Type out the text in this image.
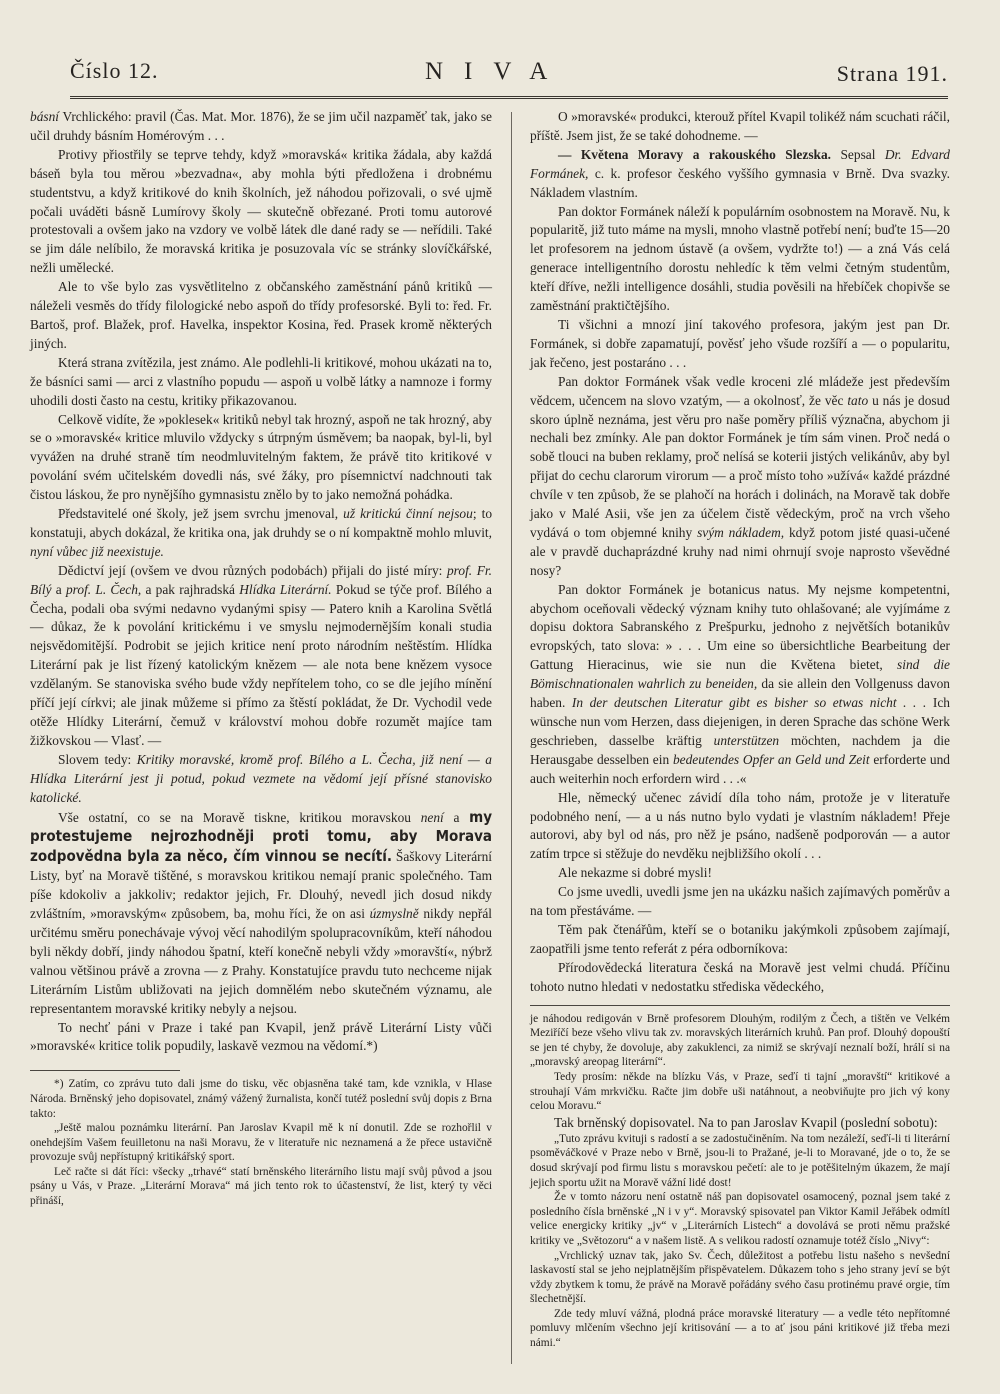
Číslo 12.	NIVA	Strana 191.

básní Vrchlického: pravil (Čas. Mat. Mor. 1876), že se jim učil nazpaměť tak, jako se učil druhdy básním Homérovým . . .

Protivy přiostřily se teprve tehdy, když »moravská« kritika žádala, aby každá báseň byla tou měrou »bezvadna«, aby mohla býti předložena i drobnému studentstvu, a když kritikové do knih školních, jež náhodou pořizovali, o své ujmě počali uváděti básně Lumírovy školy — skutečně obřezané. Proti tomu autorové protestovali a ovšem jako na vzdory ve volbě látek dle dané rady se — neřídili. Také se jim dále nelíbilo, že moravská kritika je posuzovala víc se stránky slovíčkářské, nežli umělecké.

Ale to vše bylo zas vysvětlitelno z občanského zaměstnání pánů kritiků — náleželi vesměs do třídy filologické nebo aspoň do třídy profesorské. Byli to: řed. Fr. Bartoš, prof. Blažek, prof. Havelka, inspektor Kosina, řed. Prasek kromě některých jiných.

Která strana zvítězila, jest známo. Ale podlehli-li kritikové, mohou ukázati na to, že básníci sami — arci z vlastního popudu — aspoň u volbě látky a namnoze i formy uhodili dosti často na cestu, kritiky přikazovanou.

Celkově vidíte, že »poklesek« kritiků nebyl tak hrozný, aspoň ne tak hrozný, aby se o »moravské« kritice mluvilo vždycky s útrpným úsměvem; ba naopak, byl-li, byl vyvážen na druhé straně tím neodmluvitelným faktem, že právě tito kritikové v povolání svém učitelském dovedli nás, své žáky, pro písemnictví nadchnouti tak čistou láskou, že pro nynějšího gymnasistu znělo by to jako nemožná pohádka.

Představitelé oné školy, jež jsem svrchu jmenoval, už kritickú činní nejsou; to konstatuji, abych dokázal, že kritika ona, jak druhdy se o ní kompaktně mohlo mluvit, nyní vůbec již neexistuje.

Dědictví její (ovšem ve dvou různých podobách) přijali do jisté míry: prof. Fr. Bílý a prof. L. Čech, a pak rajhradská Hlídka Literární. Pokud se týče prof. Bílého a Čecha, podali oba svými nedavno vydanými spisy — Patero knih a Karolina Světlá — důkaz, že k povolání kritickému i ve smyslu nejmodernějším konali studia nejsvědomitější. Podrobit se jejich kritice není proto národním neštěstím. Hlídka Literární pak je list řízený katolickým knězem — ale nota bene knězem vysoce vzdělaným. Se stanoviska svého bude vždy nepřítelem toho, co se dle jejího mínění příčí její církvi; ale jinak můžeme si přímo za štěstí pokládat, že Dr. Vychodil vede otěže Hlídky Literární, čemuž v království mohou dobře rozumět majíce tam žižkovskou — Vlasť. —

Slovem tedy: Kritiky moravské, kromě prof. Bílého a L. Čecha, již není — a Hlídka Literární jest ji potud, pokud vezmete na vědomí její přísné stanovisko katolické.

Vše ostatní, co se na Moravě tiskne, kritikou moravskou není a my protestujeme nejrozhodněji proti tomu, aby Morava zodpovědna byla za něco, čím vinnou se necítí. Šaškovy Literární Listy, byť na Moravě tištěné, s moravskou kritikou nemají pranic společného. Tam píše kdokoliv a jakkoliv; redaktor jejich, Fr. Dlouhý, nevedl jich dosud nikdy zvláštním, »moravským« způsobem, ba, mohu říci, že on asi úzmyslně nikdy nepřál určitému směru ponechávaje vývoj věcí nahodilým spolupracovníkům, kteří náhodou byli někdy dobří, jindy náhodou špatní, kteří konečně nebyli vždy »moravští«, nýbrž valnou většinou právě a zrovna — z Prahy. Konstatujíce pravdu tuto nechceme nijak Literárním Listům ubližovati na jejich domnělém nebo skutečném významu, ale representantem moravské kritiky nebyly a nejsou.

To nechť páni v Praze i také pan Kvapil, jenž právě Literární Listy vůči »moravské« kritice tolik popudily, laskavě vezmou na vědomí.*)

*) Zatím, co zprávu tuto dali jsme do tisku, věc objasněna také tam, kde vznikla, v Hlase Národa. Brněnský jeho dopisovatel, známý vážený žurnalista, končí tutéž poslední svůj dopis z Brna takto:

„Ještě malou poznámku literární. Pan Jaroslav Kvapil mě k ní donutil. Zde se rozhořlil v onehdejším Vašem feuilletonu na naši Moravu, že v literatuře nic neznamená a že přece ustavičně provozuje svůj nepřístupný kritikářský sport.

Leč račte si dát říci: všecky „trhavé“ statí brněnského literárního listu mají svůj původ a jsou psány u Vás, v Praze. „Literární Morava“ má jich tento rok to účastenství, že list, který ty věci přináší,

O »moravské« produkci, kterouž přítel Kvapil tolikéž nám scuchati ráčil, příště. Jsem jist, že se také dohodneme. —

— Květena Moravy a rakouského Slezska. Sepsal Dr. Edvard Formánek, c. k. profesor českého vyššího gymnasia v Brně. Dva svazky. Nákladem vlastním.

Pan doktor Formánek náleží k populárním osobnostem na Moravě. Nu, k popularitě, již tuto máme na mysli, mnoho vlastně potřebí není; buďte 15—20 let profesorem na jednom ústavě (a ovšem, vydržte to!) — a zná Vás celá generace intelligentního dorostu nehledíc k těm velmi četným studentům, kteří dříve, nežli intelligence dosáhli, studia pověsili na hřebíček chopivše se zaměstnání praktičtějšího.

Ti všichni a mnozí jiní takového profesora, jakým jest pan Dr. Formánek, si dobře zapamatují, pověsť jeho všude rozšíří a — o popularitu, jak řečeno, jest postaráno . . .

Pan doktor Formánek však vedle kroceni zlé mládeže jest především vědcem, učencem na slovo vzatým, — a okolnosť, že věc tato u nás je dosud skoro úplně neznáma, jest věru pro naše poměry příliš význačna, abychom ji nechali bez zmínky. Ale pan doktor Formánek je tím sám vinen. Proč nedá o sobě tlouci na buben reklamy, proč nelísá se koterii jistých velikánův, aby byl přijat do cechu clarorum virorum — a proč místo toho »užívá« každé prázdné chvíle v ten způsob, že se plahočí na horách i dolinách, na Moravě tak dobře jako v Malé Asii, vše jen za účelem čistě vědeckým, proč na vrch všeho vydává o tom objemné knihy svým nákladem, když potom jisté quasi-učené ale v pravdě duchaprázdné kruhy nad nimi ohrnují svoje naprosto vševědné nosy?

Pan doktor Formánek je botanicus natus. My nejsme kompetentni, abychom oceňovali vědecký význam knihy tuto ohlašované; ale vyjímáme z dopisu doktora Sabranského z Prešpurku, jednoho z největších botanikův evropských, tato slova: » . . . Um eine so übersichtliche Bearbeitung der Gattung Hieracinus, wie sie nun die Květena bietet, sind die Bömischnationalen wahrlich zu beneiden, da sie allein den Vollgenuss davon haben. In der deutschen Literatur gibt es bisher so etwas nicht . . . Ich wünsche nun vom Herzen, dass diejenigen, in deren Sprache das schöne Werk geschrieben, dasselbe kräftig unterstützen möchten, nachdem ja die Herausgabe desselben ein bedeutendes Opfer an Geld und Zeit erforderte und auch weiterhin noch erfordern wird . . .«

Hle, německý učenec závidí díla toho nám, protože je v literatuře podobného není, — a u nás nutno bylo vydati je vlastním nákladem! Přeje autorovi, aby byl od nás, pro něž je psáno, nadšeně podporován — a autor zatím trpce si stěžuje do nevděku nejbližšího okolí . . .

Ale nekazme si dobré mysli!

Co jsme uvedli, uvedli jsme jen na ukázku našich zajímavých poměrův a na tom přestáváme. —

Těm pak čtenářům, kteří se o botaniku jakýmkoli způsobem zajímají, zaopatřili jsme tento referát z péra odborníkova:

Přírodovědecká literatura česká na Moravě jest velmi chudá. Příčinu tohoto nutno hledati v nedostatku střediska vědeckého,

je náhodou redigován v Brně profesorem Dlouhým, rodilým z Čech, a tištěn ve Velkém Meziříčí beze všeho vlivu tak zv. moravských literárních kruhů. Pan prof. Dlouhý dopouští se jen té chyby, že dovoluje, aby zakuklenci, za nimiž se skrývají neznalí boží, hrálí si na „moravský areopag literární“.

Tedy prosím: někde na blízku Vás, v Praze, seďí ti tajní „moravští“ kritikové a strouhají Vám mrkvičku. Račte jim dobře uši natáhnout, a neobviňujte pro jich vý kony celou Moravu.“

Tak brněnský dopisovatel. Na to pan Jaroslav Kvapil (poslední sobotu):

„Tuto zprávu kvituji s radostí a se zadostučiněním. Na tom nezáleží, seďí-li ti literární psoměváčkové v Praze nebo v Brně, jsou-li to Pražané, je-li to Moravané, jde o to, že se dosud skrývají pod firmu listu s moravskou pečetí: ale to je potěšitelným úkazem, že mají jejich sportu užit na Moravě vážní lidé dost!

Že v tomto názoru není ostatně náš pan dopisovatel osamocený, poznal jsem také z posledního čísla brněnské „N i v y“. Moravský spisovatel pan Viktor Kamil Jeřábek odmítl velice energicky kritiky „jv“ v „Literárních Listech“ a dovolává se proti němu pražské kritiky ve „Světozoru“ a v našem listě. A s velikou radostí oznamuje totéž číslo „Nivy“:

„Vrchlický uznav tak, jako Sv. Čech, důležitost a potřebu listu našeho s nevšední laskavostí stal se jeho nejplatnějším přispěvatelem. Důkazem toho s jeho strany jeví se být vždy zbytkem k tomu, že právě na Moravě pořádány svého času protinému pravé orgie, tím šlechetnější.

Zde tedy mluví vážná, plodná práce moravské literatury — a vedle této nepřítomné pomluvy mlčením všechno její kritisování — a to ať jsou páni kritikové již třeba mezi námi.“
